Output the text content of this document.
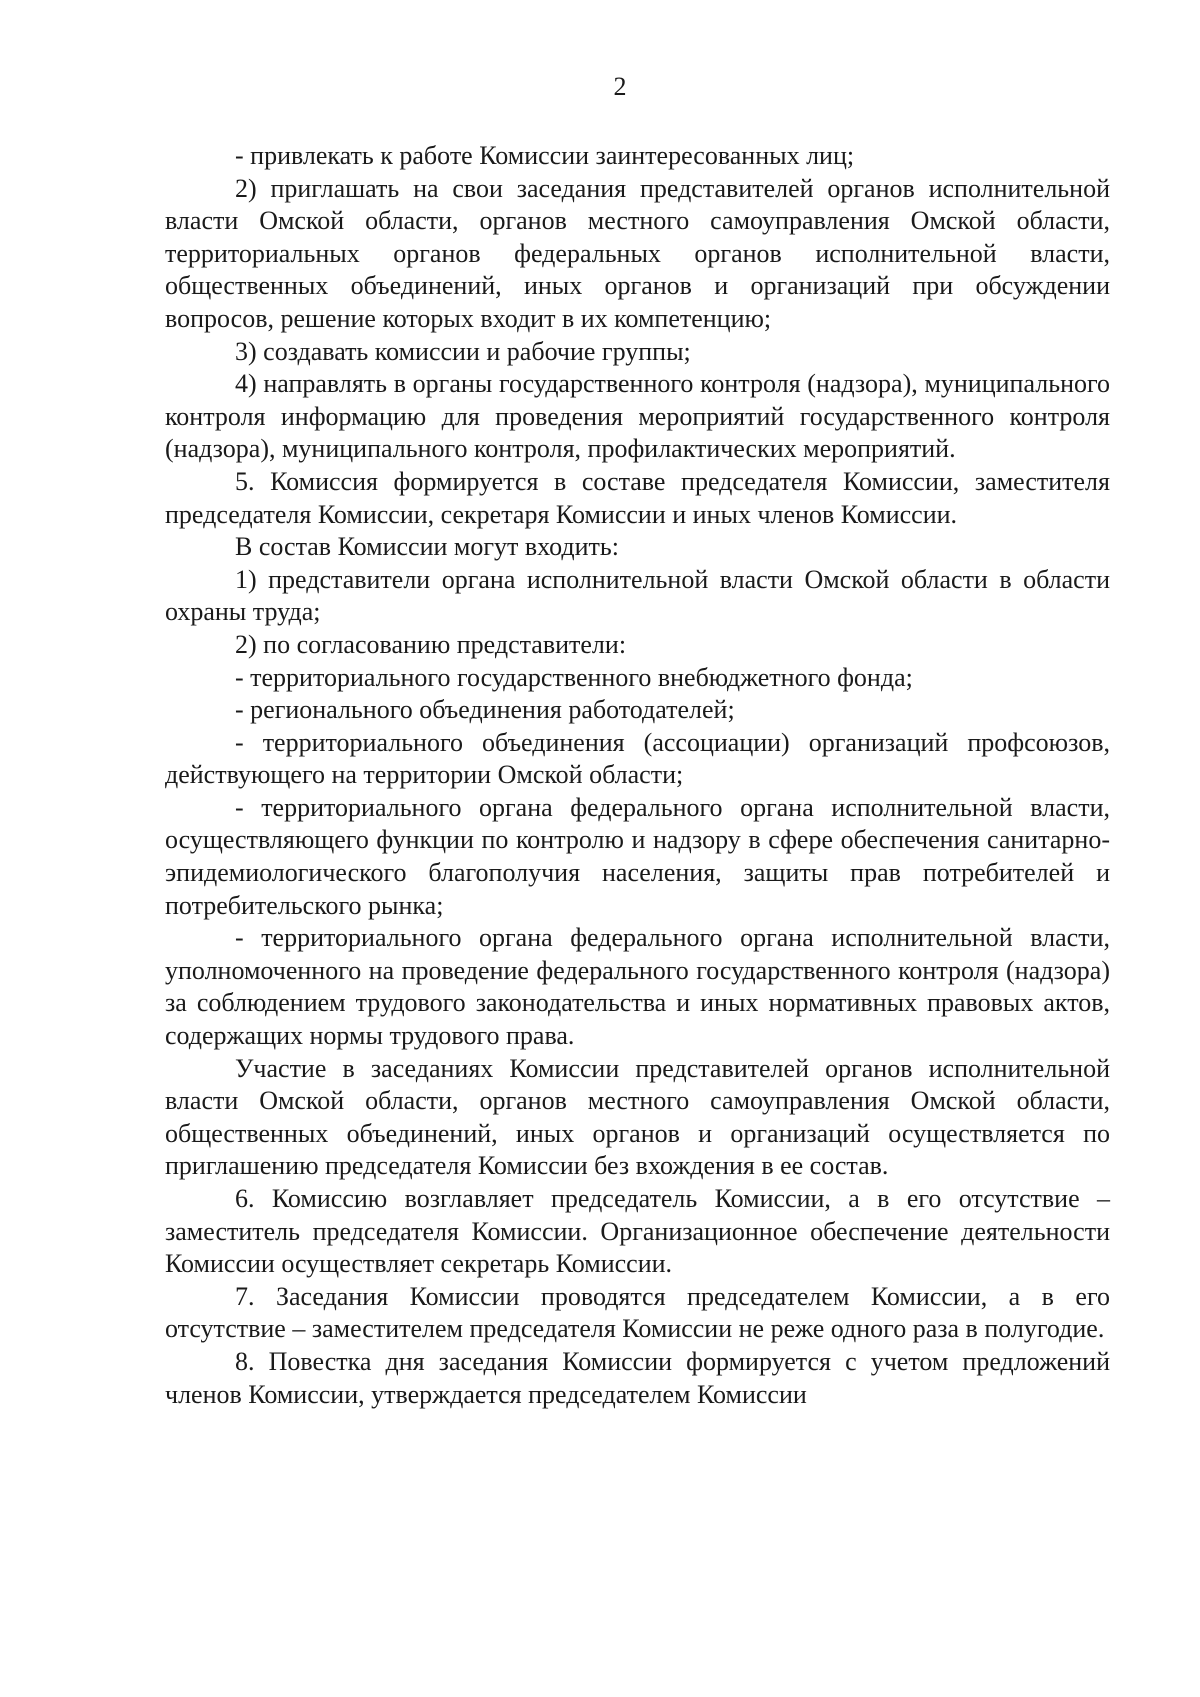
2

- привлекать к работе Комиссии заинтересованных лиц;

2) приглашать на свои заседания представителей органов исполнительной власти Омской области, органов местного самоуправления Омской области, территориальных органов федеральных органов исполнительной власти, общественных объединений, иных органов и организаций при обсуждении вопросов, решение которых входит в их компетенцию;

3) создавать комиссии и рабочие группы;

4) направлять в органы государственного контроля (надзора), муниципального контроля информацию для проведения мероприятий государственного контроля (надзора), муниципального контроля, профилактических мероприятий.

5. Комиссия формируется в составе председателя Комиссии, заместителя председателя Комиссии, секретаря Комиссии и иных членов Комиссии.

В состав Комиссии могут входить:

1) представители органа исполнительной власти Омской области в области охраны труда;

2) по согласованию представители:

- территориального государственного внебюджетного фонда;

- регионального объединения работодателей;

- территориального объединения (ассоциации) организаций профсоюзов, действующего на территории Омской области;

- территориального органа федерального органа исполнительной власти, осуществляющего функции по контролю и надзору в сфере обеспечения санитарно-эпидемиологического благополучия населения, защиты прав потребителей и потребительского рынка;

- территориального органа федерального органа исполнительной власти, уполномоченного на проведение федерального государственного контроля (надзора) за соблюдением трудового законодательства и иных нормативных правовых актов, содержащих нормы трудового права.

Участие в заседаниях Комиссии представителей органов исполнительной власти Омской области, органов местного самоуправления Омской области, общественных объединений, иных органов и организаций осуществляется по приглашению председателя Комиссии без вхождения в ее состав.

6. Комиссию возглавляет председатель Комиссии, а в его отсутствие – заместитель председателя Комиссии. Организационное обеспечение деятельности Комиссии осуществляет секретарь Комиссии.

7. Заседания Комиссии проводятся председателем Комиссии, а в его отсутствие – заместителем председателя Комиссии не реже одного раза в полугодие.

8. Повестка дня заседания Комиссии формируется с учетом предложений членов Комиссии, утверждается председателем Комиссии
